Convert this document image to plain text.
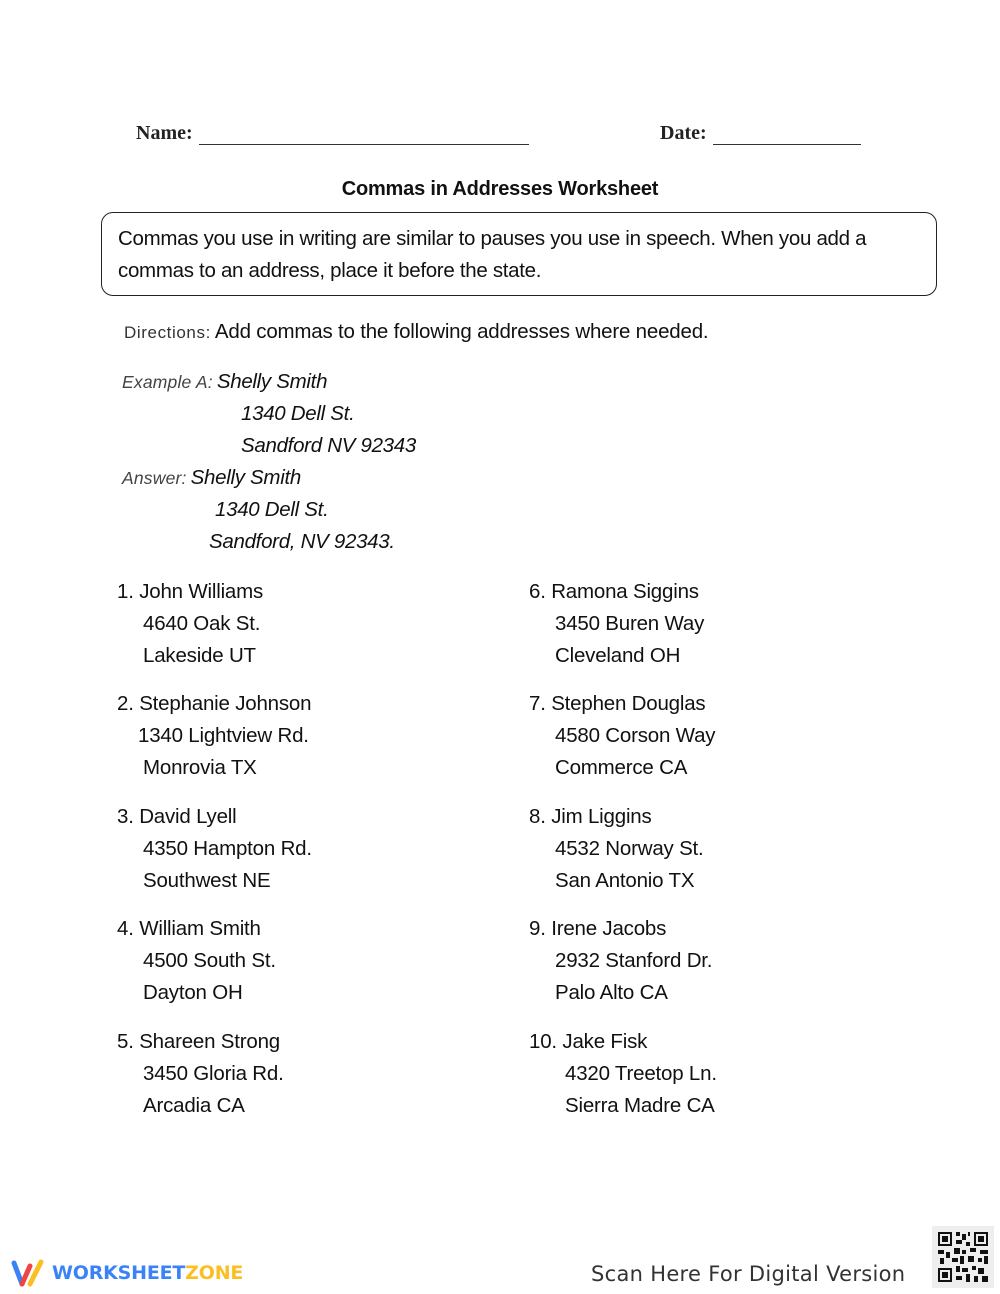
Name:	Date:
Commas in Addresses Worksheet
Commas you use in writing are similar to pauses you use in speech. When you add a
commas to an address, place it before the state.
Directions: Add commas to the following addresses where needed.
Example A: Shelly Smith
1340 Dell St.
Sandford NV 92343
Answer: Shelly Smith
1340 Dell St.
Sandford, NV 92343.
1. John Williams
4640 Oak St.
Lakeside UT
2. Stephanie Johnson
1340 Lightview Rd.
Monrovia TX
3. David Lyell
4350 Hampton Rd.
Southwest NE
4. William Smith
4500 South St.
Dayton OH
5. Shareen Strong
3450 Gloria Rd.
Arcadia CA
6. Ramona Siggins
3450 Buren Way
Cleveland OH
7. Stephen Douglas
4580 Corson Way
Commerce CA
8. Jim Liggins
4532 Norway St.
San Antonio TX
9. Irene Jacobs
2932 Stanford Dr.
Palo Alto CA
10. Jake Fisk
4320 Treetop Ln.
Sierra Madre CA
WORKSHEETZONE	Scan Here For Digital Version
